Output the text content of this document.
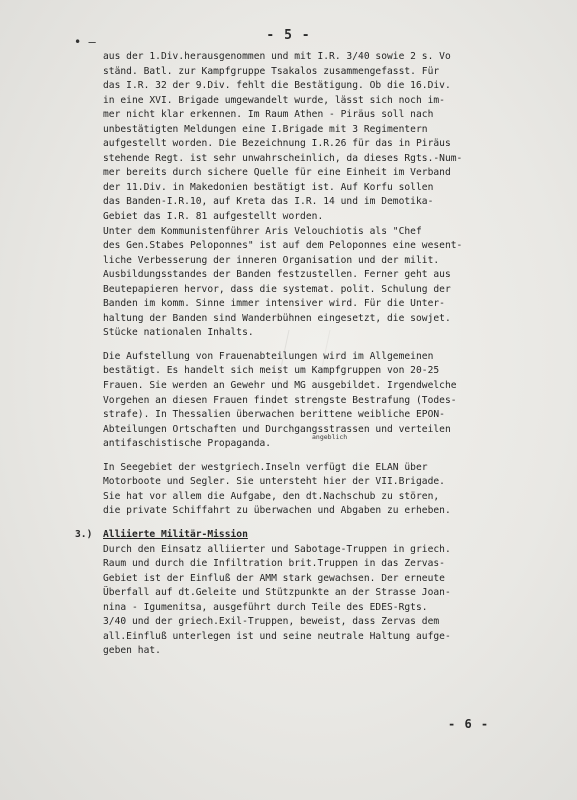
- 5 -
• —
aus der 1.Div.herausgenommen und mit I.R. 3/40 sowie 2 s. Vo
ständ. Batl. zur Kampfgruppe Tsakalos zusammengefasst. Für
das I.R. 32 der 9.Div. fehlt die Bestätigung. Ob die 16.Div.
in eine XVI. Brigade umgewandelt wurde, lässt sich noch im-
mer nicht klar erkennen. Im Raum Athen - Piräus soll nach
unbestätigten Meldungen eine I.Brigade mit 3 Regimentern
aufgestellt worden. Die Bezeichnung I.R.26 für das in Piräus
stehende Regt. ist sehr unwahrscheinlich, da dieses Rgts.-Num-
mer bereits durch sichere Quelle für eine Einheit im Verband
der 11.Div. in Makedonien bestätigt ist. Auf Korfu sollen
das Banden-I.R.10, auf Kreta das I.R. 14 und im Demotika-
Gebiet das I.R. 81 aufgestellt worden.
Unter dem Kommunistenführer Aris Velouchiotis als "Chef
des Gen.Stabes Peloponnes" ist auf dem Peloponnes eine wesent-
liche Verbesserung der inneren Organisation und der milit.
Ausbildungsstandes der Banden festzustellen. Ferner geht aus
Beutepapieren hervor, dass die systemat. polit. Schulung der
Banden im komm. Sinne immer intensiver wird. Für die Unter-
haltung der Banden sind Wanderbühnen eingesetzt, die sowjet.
Stücke nationalen Inhalts.
Die Aufstellung von Frauenabteilungen wird im Allgemeinen
bestätigt. Es handelt sich meist um Kampfgruppen von 20-25
Frauen. Sie werden an Gewehr und MG ausgebildet. Irgendwelche
Vorgehen an diesen Frauen findet strengste Bestrafung (Todes-
strafe). In Thessalien überwachen berittene weibliche EPON-
Abteilungen Ortschaften und Durchgangsstrassen und verteilen
antifaschistische Propaganda.
In Seegebiet der westgriech.Inseln verfügt die ELAN über
Motorboote und Segler. Sie untersteht hier der VII.Brigade.
Sie hat vor allem die Aufgabe, den dt.Nachschub zu stören,
die private Schiffahrt zu überwachen und Abgaben zu erheben.
3.) Alliierte Militär-Mission
Durch den Einsatz alliierter und Sabotage-Truppen in griech.
Raum und durch die Infiltration brit.Truppen in das Zervas-
Gebiet ist der Einfluß der AMM stark gewachsen. Der erneute
Überfall auf dt.Geleite und Stützpunkte an der Strasse Joan-
nina - Igumenitsa, ausgeführt durch Teile des EDES-Rgts.
3/40 und der griech.Exil-Truppen, beweist, dass Zervas dem
all.Einfluß unterlegen ist und seine neutrale Haltung aufge-
geben hat.
angeblich
- 6 -
